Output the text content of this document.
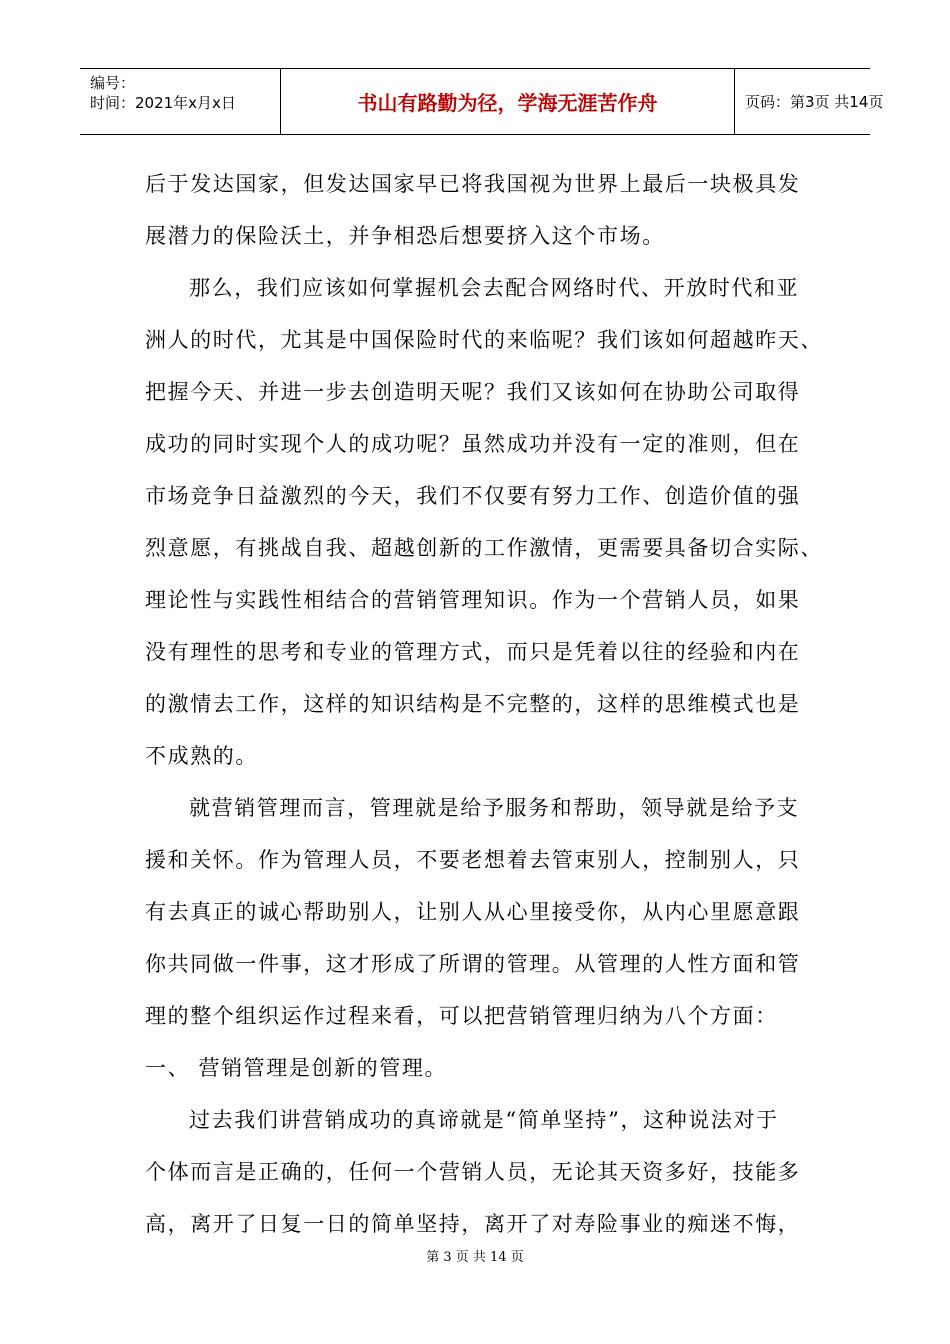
编号：
时间：2021年x月x日	书山有路勤为径，学海无涯苦作舟	页码：第3页 共14页
后于发达国家，但发达国家早已将我国视为世界上最后一块极具发
展潜力的保险沃土，并争相恐后想要挤入这个市场。
那么，我们应该如何掌握机会去配合网络时代、开放时代和亚
洲人的时代，尤其是中国保险时代的来临呢？我们该如何超越昨天、
把握今天、并进一步去创造明天呢？我们又该如何在协助公司取得
成功的同时实现个人的成功呢？虽然成功并没有一定的准则，但在
市场竞争日益激烈的今天，我们不仅要有努力工作、创造价值的强
烈意愿，有挑战自我、超越创新的工作激情，更需要具备切合实际、
理论性与实践性相结合的营销管理知识。作为一个营销人员，如果
没有理性的思考和专业的管理方式，而只是凭着以往的经验和内在
的激情去工作，这样的知识结构是不完整的，这样的思维模式也是
不成熟的。
就营销管理而言，管理就是给予服务和帮助，领导就是给予支
援和关怀。作为管理人员，不要老想着去管束别人，控制别人，只
有去真正的诚心帮助别人，让别人从心里接受你，从内心里愿意跟
你共同做一件事，这才形成了所谓的管理。从管理的人性方面和管
理的整个组织运作过程来看，可以把营销管理归纳为八个方面：
一、 营销管理是创新的管理。
过去我们讲营销成功的真谛就是“简单坚持”，这种说法对于
个体而言是正确的，任何一个营销人员，无论其天资多好，技能多
高，离开了日复一日的简单坚持，离开了对寿险事业的痴迷不悔，
第 3 页 共 14 页
